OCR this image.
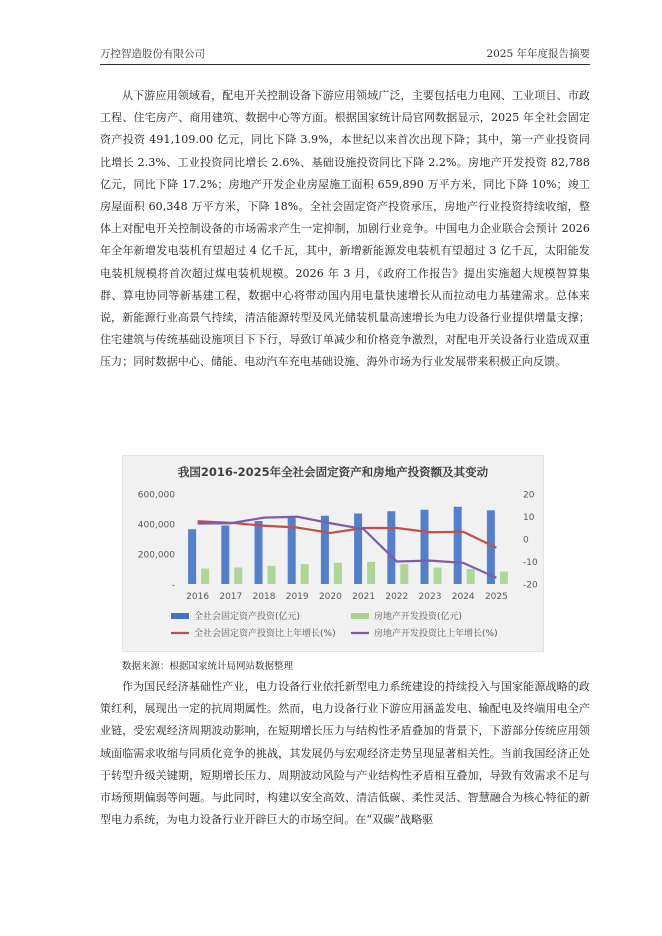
万控智造股份有限公司	2025 年年度报告摘要

从下游应用领域看，配电开关控制设备下游应用领域广泛，主要包括电力电网、工业项目、市政工程、住宅房产、商用建筑、数据中心等方面。根据国家统计局官网数据显示，2025 年全社会固定资产投资 491,109.00 亿元，同比下降 3.9%，本世纪以来首次出现下降；其中，第一产业投资同比增长 2.3%、工业投资同比增长 2.6%、基础设施投资同比下降 2.2%。房地产开发投资 82,788 亿元，同比下降 17.2%；房地产开发企业房屋施工面积 659,890 万平方米，同比下降 10%；竣工房屋面积 60,348 万平方米，下降 18%。全社会固定资产投资承压，房地产行业投资持续收缩，整体上对配电开关控制设备的市场需求产生一定抑制，加剧行业竞争。中国电力企业联合会预计 2026 年全年新增发电装机有望超过 4 亿千瓦，其中，新增新能源发电装机有望超过 3 亿千瓦，太阳能发电装机规模将首次超过煤电装机规模。2026 年 3 月，《政府工作报告》提出实施超大规模智算集群、算电协同等新基建工程，数据中心将带动国内用电量快速增长从而拉动电力基建需求。总体来说，新能源行业高景气持续，清洁能源转型及风光储装机量高速增长为电力设备行业提供增量支撑；住宅建筑与传统基础设施项目下下行，导致订单减少和价格竞争激烈，对配电开关设备行业造成双重压力；同时数据中心、储能、电动汽车充电基础设施、海外市场为行业发展带来积极正向反馈。

我国2016-2025年全社会固定资产和房地产投资额及其变动
-
200,000
400,000
600,000	20
10
0
-10
-20
2016 2017 2018 2019 2020 2021 2022 2023 2024 2025
全社会固定资产投资(亿元)	房地产开发投资(亿元)
全社会固定资产投资比上年增长(%)	房地产开发投资比上年增长(%)
数据来源：根据国家统计局网站数据整理

作为国民经济基础性产业，电力设备行业依托新型电力系统建设的持续投入与国家能源战略的政策红利，展现出一定的抗周期属性。然而，电力设备行业下游应用涵盖发电、输配电及终端用电全产业链，受宏观经济周期波动影响，在短期增长压力与结构性矛盾叠加的背景下，下游部分传统应用领域面临需求收缩与同质化竞争的挑战，其发展仍与宏观经济走势呈现显著相关性。当前我国经济正处于转型升级关键期，短期增长压力、周期波动风险与产业结构性矛盾相互叠加，导致有效需求不足与市场预期偏弱等问题。与此同时，构建以安全高效、清洁低碳、柔性灵活、智慧融合为核心特征的新型电力系统，为电力设备行业开辟巨大的市场空间。在“双碳”战略驱
